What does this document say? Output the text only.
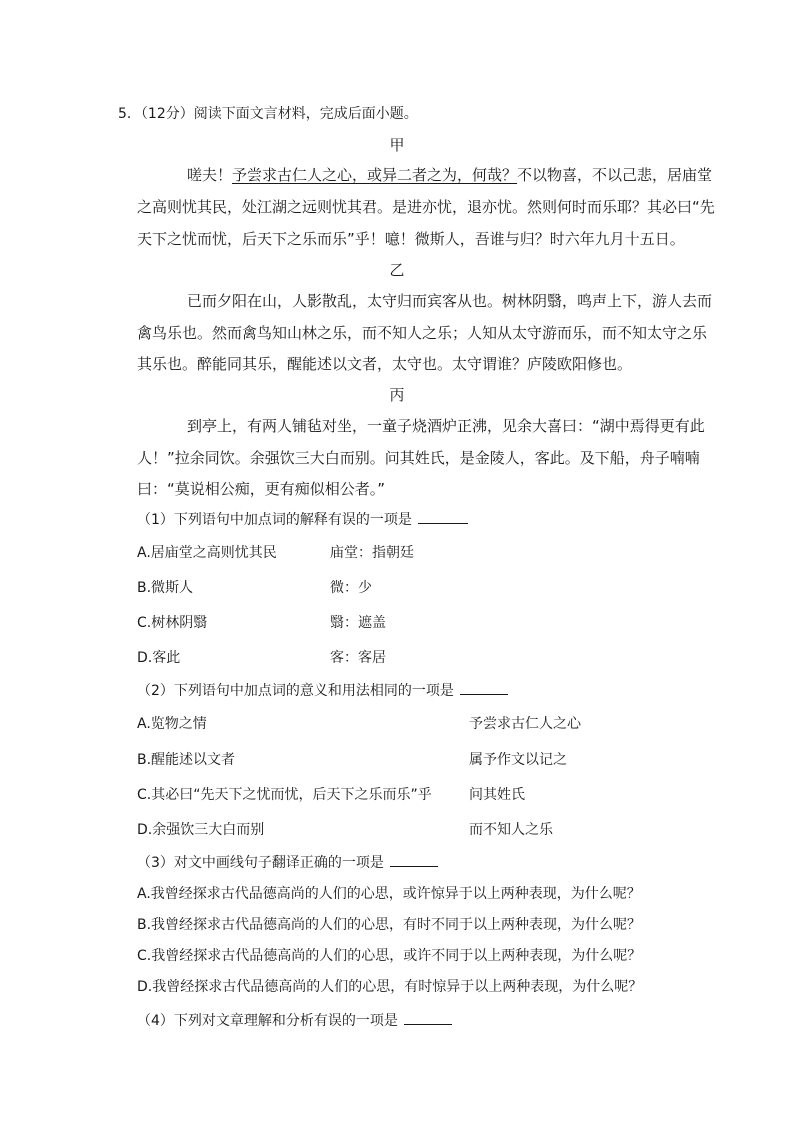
5．（12分）阅读下面文言材料，完成后面小题。
甲
嗟夫！予尝求古仁人之心，或异二者之为，何哉？不以物喜，不以己悲，居庙堂
之高则忧其民，处江湖之远则忧其君。是进亦忧，退亦忧。然则何时而乐耶？其必曰“先
天下之忧而忧，后天下之乐而乐”乎！噫！微斯人，吾谁与归？时六年九月十五日。
乙
已而夕阳在山，人影散乱，太守归而宾客从也。树林阴翳，鸣声上下，游人去而
禽鸟乐也。然而禽鸟知山林之乐，而不知人之乐；人知从太守游而乐，而不知太守之乐
其乐也。醉能同其乐，醒能述以文者，太守也。太守谓谁？庐陵欧阳修也。
丙
到亭上，有两人铺毡对坐，一童子烧酒炉正沸，见余大喜曰：“湖中焉得更有此
人！”拉余同饮。余强饮三大白而别。问其姓氏，是金陵人，客此。及下船，舟子喃喃
曰：“莫说相公痴，更有痴似相公者。”
（1）下列语句中加点词的解释有误的一项是
A.居庙堂之高则忧其民	庙堂：指朝廷
B.微斯人	微：少
C.树林阴翳	翳：遮盖
D.客此	客：客居
（2）下列语句中加点词的意义和用法相同的一项是
A.览物之情	予尝求古仁人之心
B.醒能述以文者	属予作文以记之
C.其必曰“先天下之忧而忧，后天下之乐而乐”乎	问其姓氏
D.余强饮三大白而别	而不知人之乐
（3）对文中画线句子翻译正确的一项是
A.我曾经探求古代品德高尚的人们的心思，或许惊异于以上两种表现，为什么呢？
B.我曾经探求古代品德高尚的人们的心思，有时不同于以上两种表现，为什么呢？
C.我曾经探求古代品德高尚的人们的心思，或许不同于以上两种表现，为什么呢？
D.我曾经探求古代品德高尚的人们的心思，有时惊异于以上两种表现，为什么呢？
（4）下列对文章理解和分析有误的一项是
